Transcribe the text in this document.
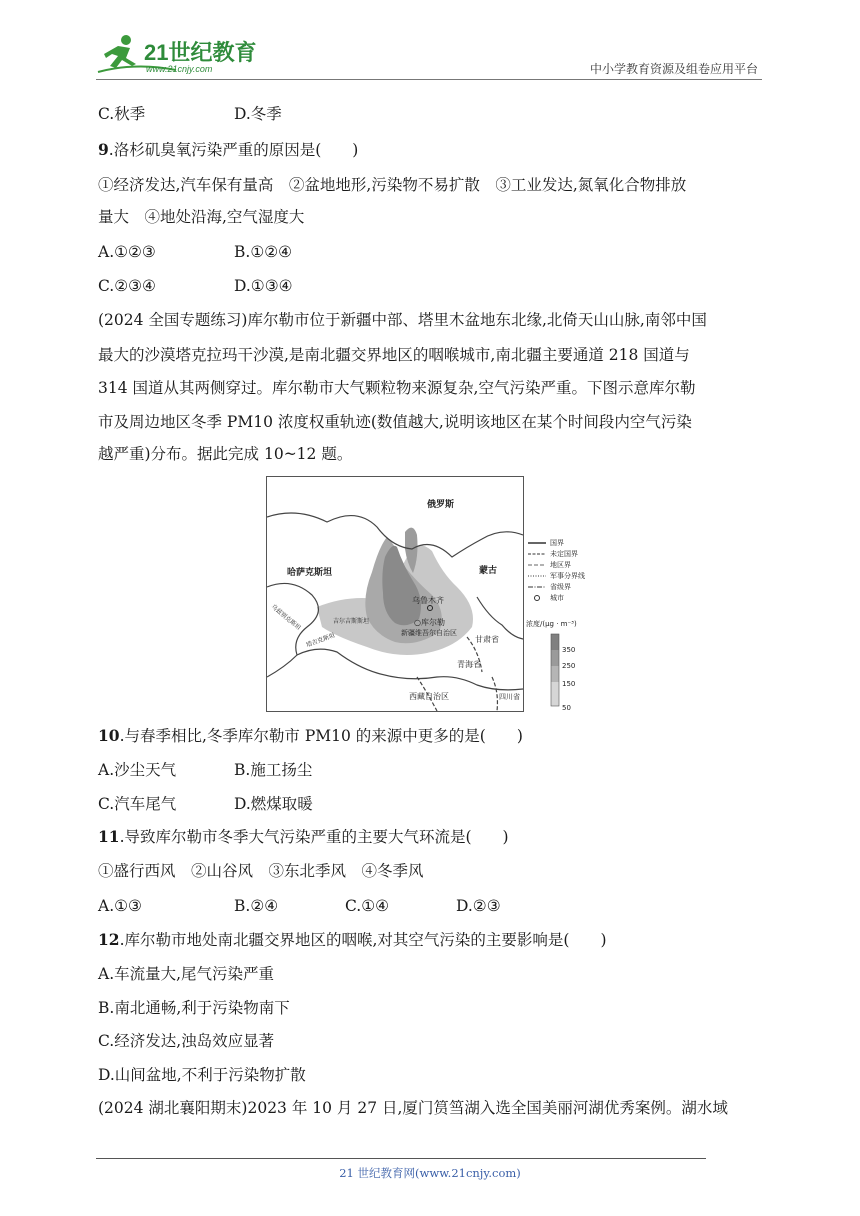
21世纪教育
www.21cnjy.com	中小学教育资源及组卷应用平台
C.秋季	D.冬季
9.洛杉矶臭氧污染严重的原因是(　　)
①经济发达,汽车保有量高　②盆地地形,污染物不易扩散　③工业发达,氮氧化合物排放
量大　④地处沿海,空气湿度大
A.①②③	B.①②④
C.②③④	D.①③④
(2024 全国专题练习)库尔勒市位于新疆中部、塔里木盆地东北缘,北倚天山山脉,南邻中国
最大的沙漠塔克拉玛干沙漠,是南北疆交界地区的咽喉城市,南北疆主要通道 218 国道与
314 国道从其两侧穿过。库尔勒市大气颗粒物来源复杂,空气污染严重。下图示意库尔勒
市及周边地区冬季 PM10 浓度权重轨迹(数值越大,说明该地区在某个时间段内空气污染
越严重)分布。据此完成 10~12 题。
俄罗斯
哈萨克斯坦	蒙古
乌鲁木齐
○库尔勒
新疆维吾尔自治区
甘肃省
青海省
西藏自治区	四川省
吉尔吉斯斯坦
乌兹别克斯坦
塔吉克斯坦
国界
未定国界
地区界
军事分界线
省级界
城市
浓度/(μg · m⁻³)
350
250
150
50
10.与春季相比,冬季库尔勒市 PM10 的来源中更多的是(　　)
A.沙尘天气	B.施工扬尘
C.汽车尾气	D.燃煤取暖
11.导致库尔勒市冬季大气污染严重的主要大气环流是(　　)
①盛行西风　②山谷风　③东北季风　④冬季风
A.①③	B.②④	C.①④	D.②③
12.库尔勒市地处南北疆交界地区的咽喉,对其空气污染的主要影响是(　　)
A.车流量大,尾气污染严重
B.南北通畅,利于污染物南下
C.经济发达,浊岛效应显著
D.山间盆地,不利于污染物扩散
(2024 湖北襄阳期末)2023 年 10 月 27 日,厦门筼筜湖入选全国美丽河湖优秀案例。湖水域
21 世纪教育网(www.21cnjy.com)
